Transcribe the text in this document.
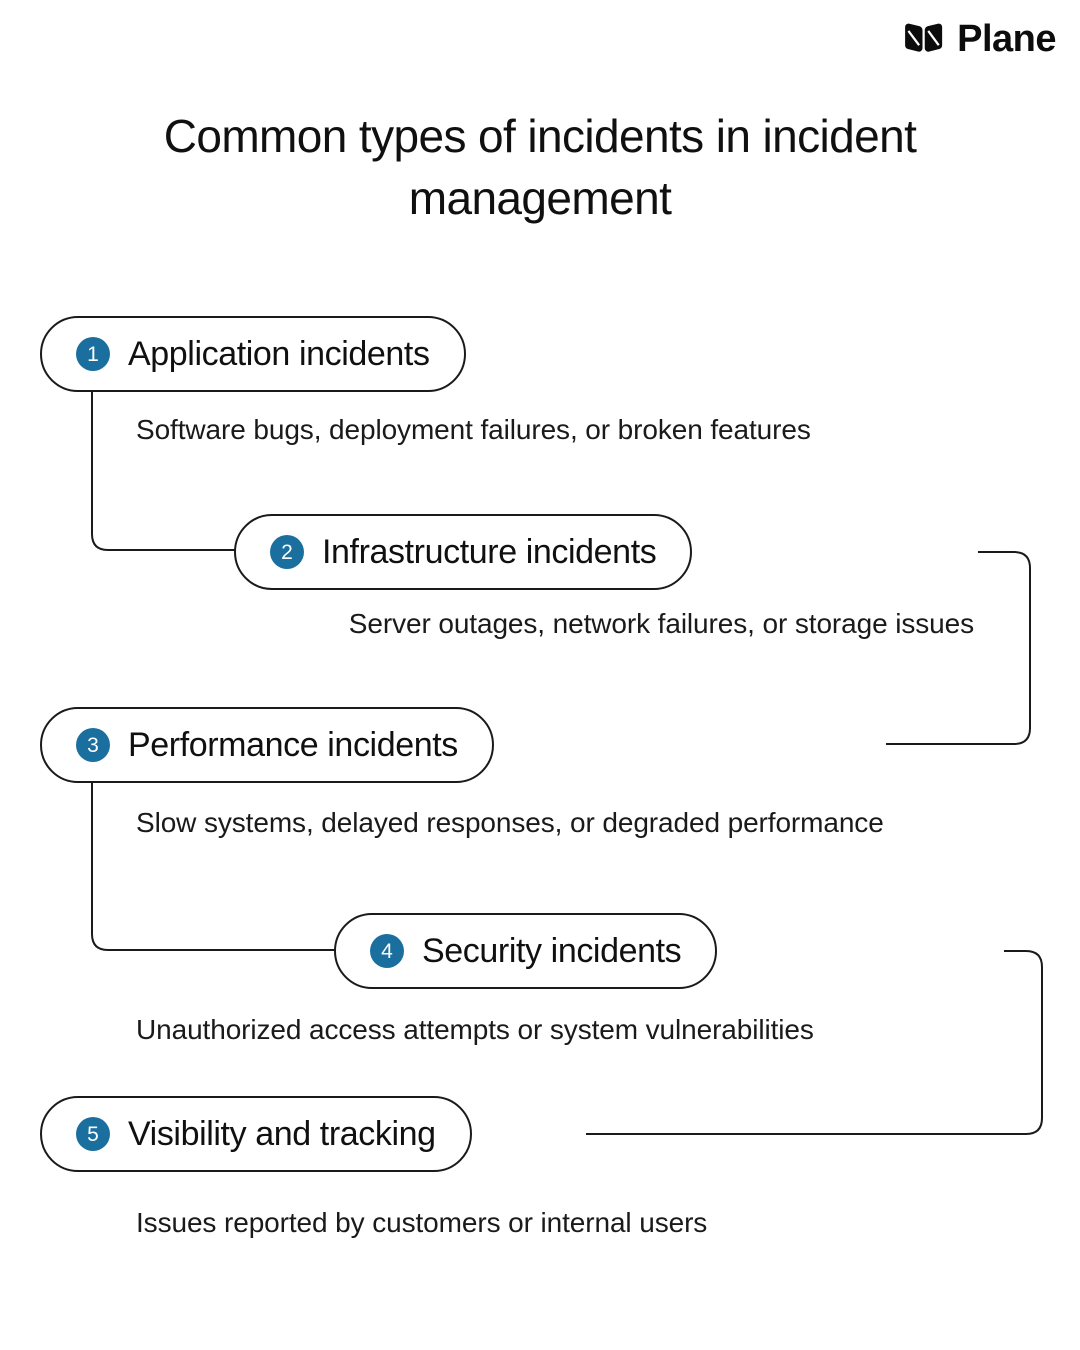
Plane
Common types of incidents in incident management
1 Application incidents
Software bugs, deployment failures, or broken features
2 Infrastructure incidents
Server outages, network failures, or storage issues
3 Performance incidents
Slow systems, delayed responses, or degraded performance
4 Security incidents
Unauthorized access attempts or system vulnerabilities
5 Visibility and tracking
Issues reported by customers or internal users
